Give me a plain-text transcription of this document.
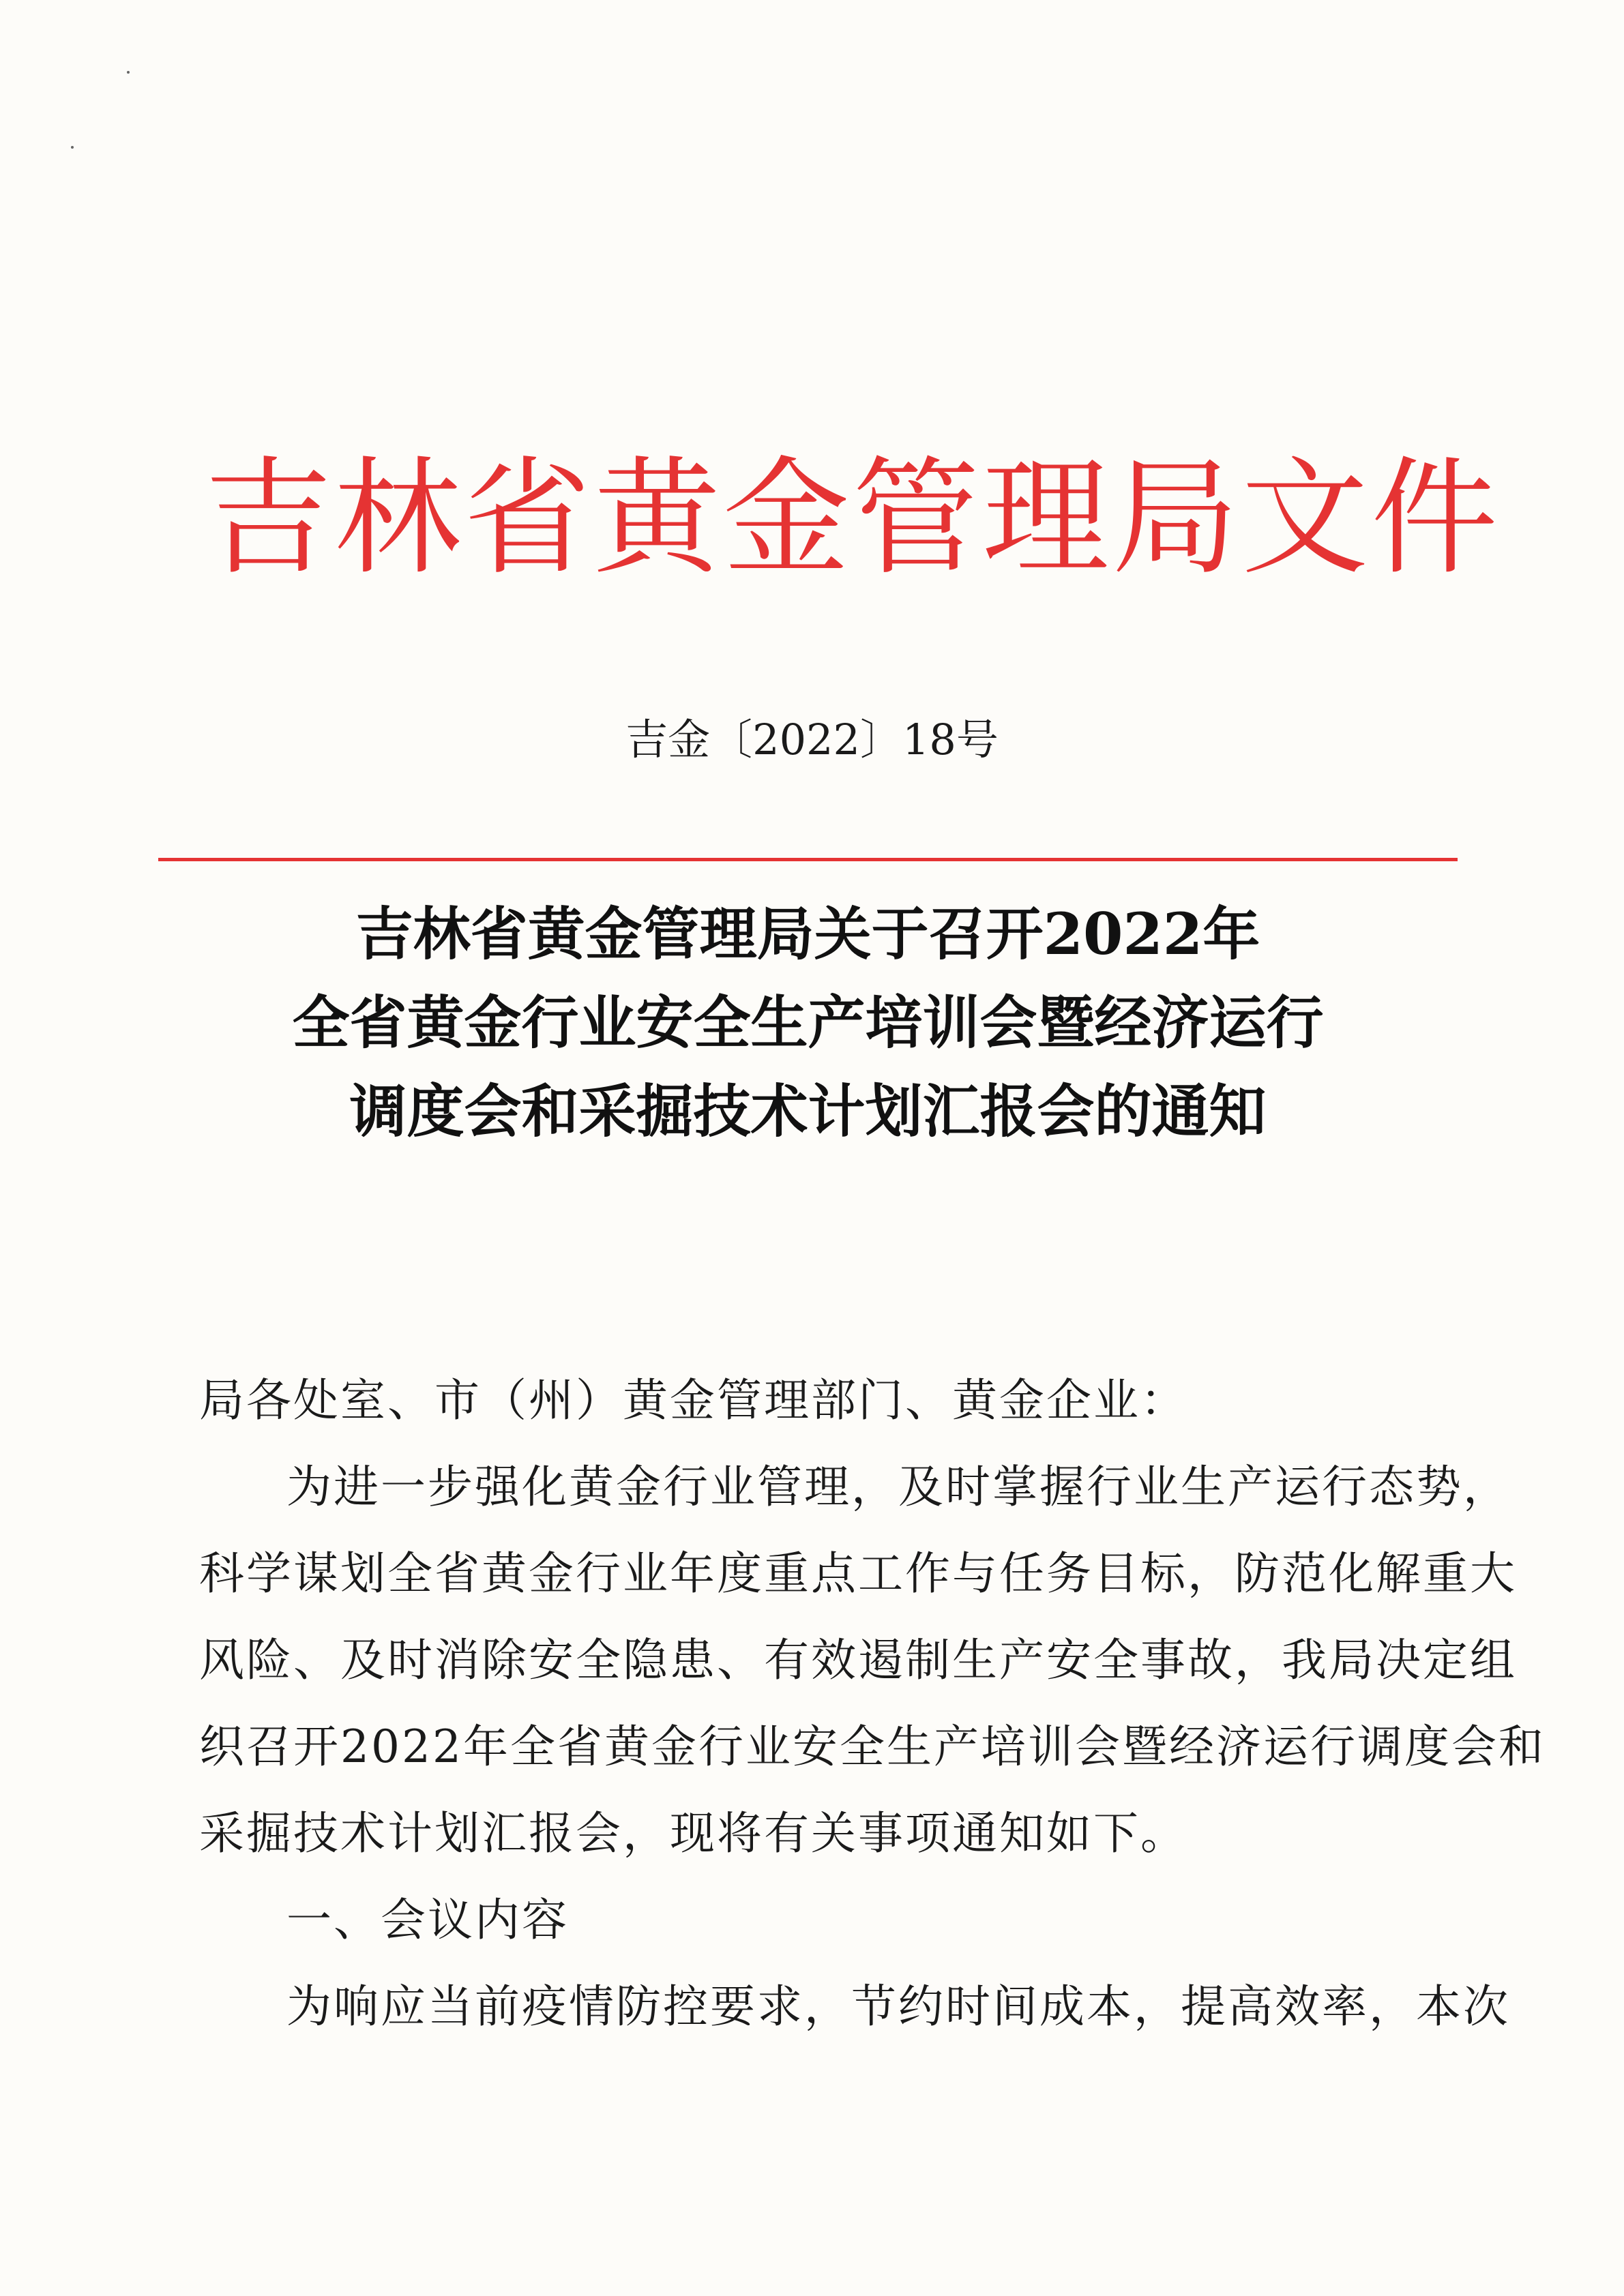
吉林省黄金管理局文件
吉金〔2022〕18号
吉林省黄金管理局关于召开2022年
全省黄金行业安全生产培训会暨经济运行
调度会和采掘技术计划汇报会的通知
局各处室、市（州）黄金管理部门、黄金企业：
为进一步强化黄金行业管理，及时掌握行业生产运行态势，
科学谋划全省黄金行业年度重点工作与任务目标，防范化解重大
风险、及时消除安全隐患、有效遏制生产安全事故，我局决定组
织召开2022年全省黄金行业安全生产培训会暨经济运行调度会和
采掘技术计划汇报会，现将有关事项通知如下。
一、会议内容
为响应当前疫情防控要求，节约时间成本，提高效率，本次
